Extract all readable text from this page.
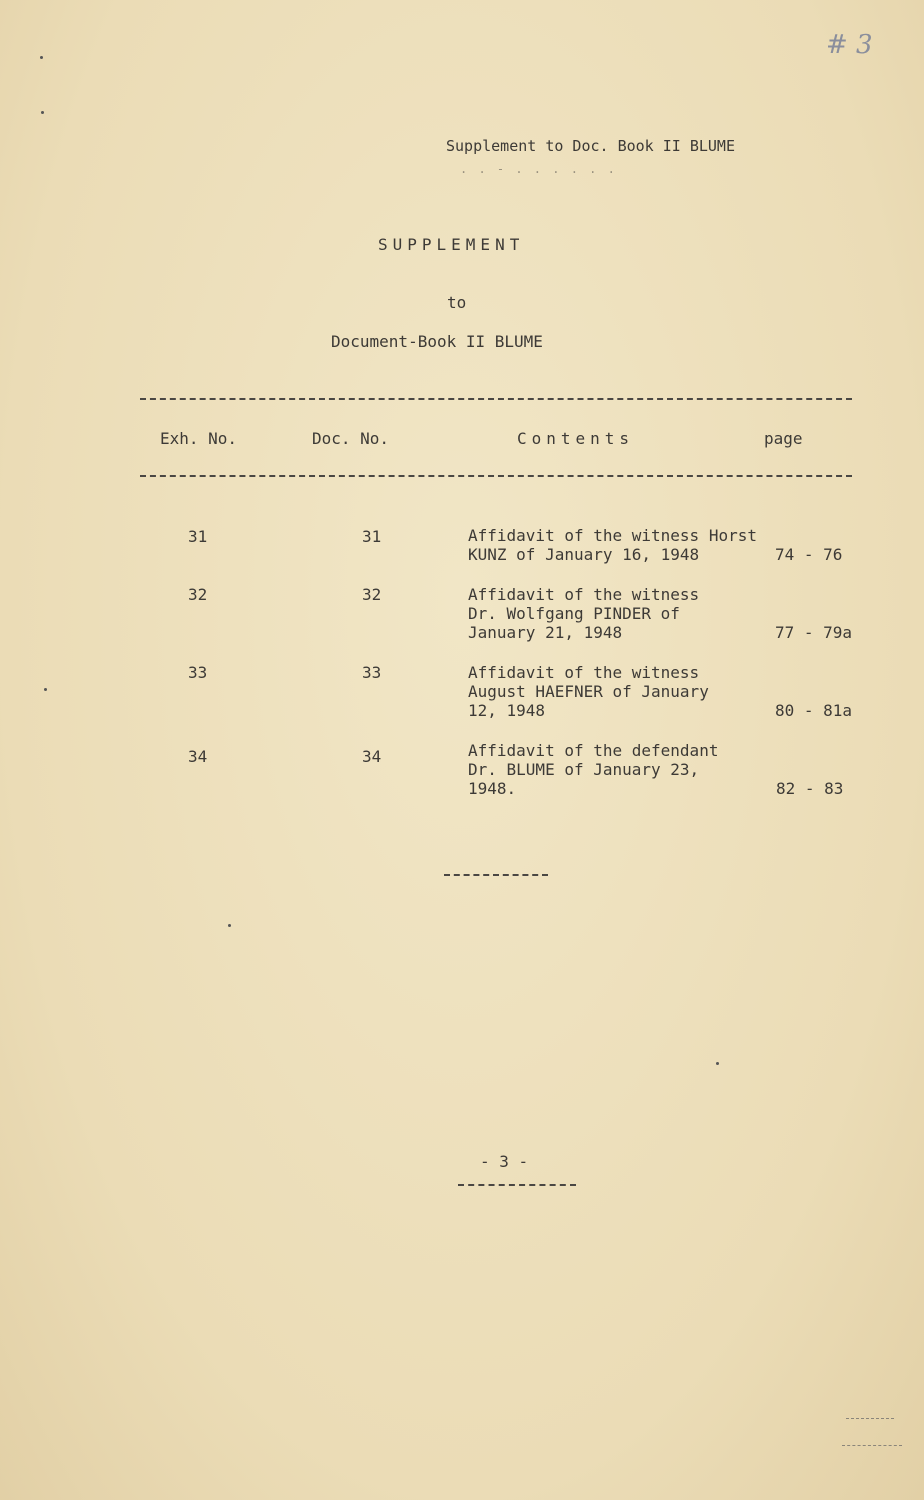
# 3
Supplement to Doc. Book II BLUME
. . - . . . . . .
SUPPLEMENT
to
Document-Book II BLUME
Exh. No.	Doc. No.	Contents	page
31	31	Affidavit of the witness Horst
KUNZ of January 16, 1948	74 - 76
32	32	Affidavit of the witness
Dr. Wolfgang PINDER of
January 21, 1948	77 - 79a
33	33	Affidavit of the witness
August HAEFNER of January
12, 1948	80 - 81a
34	34	Affidavit of the defendant
Dr. BLUME of January 23,
1948.	82 - 83
- 3 -
